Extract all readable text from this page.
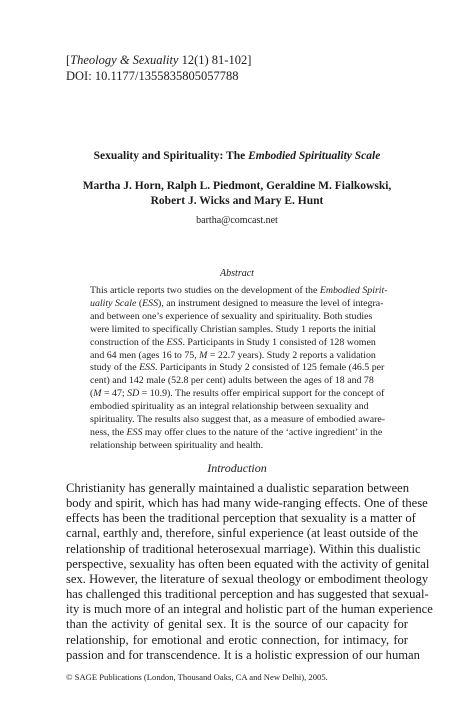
[Theology & Sexuality 12(1) 81-102]
DOI: 10.1177/1355835805057788
Sexuality and Spirituality: The Embodied Spirituality Scale
Martha J. Horn, Ralph L. Piedmont, Geraldine M. Fialkowski,
Robert J. Wicks and Mary E. Hunt
bartha@comcast.net
Abstract
This article reports two studies on the development of the Embodied Spirit-
uality Scale (ESS), an instrument designed to measure the level of integra-
and between one’s experience of sexuality and spirituality. Both studies
were limited to specifically Christian samples. Study 1 reports the initial
construction of the ESS. Participants in Study 1 consisted of 128 women
and 64 men (ages 16 to 75, M = 22.7 years). Study 2 reports a validation
study of the ESS. Participants in Study 2 consisted of 125 female (46.5 per
cent) and 142 male (52.8 per cent) adults between the ages of 18 and 78
(M = 47; SD = 10.9). The results offer empirical support for the concept of
embodied spirituality as an integral relationship between sexuality and
spirituality. The results also suggest that, as a measure of embodied aware-
ness, the ESS may offer clues to the nature of the ‘active ingredient’ in the
relationship between spirituality and health.
Introduction
Christianity has generally maintained a dualistic separation between
body and spirit, which has had many wide-ranging effects. One of these
effects has been the traditional perception that sexuality is a matter of
carnal, earthly and, therefore, sinful experience (at least outside of the
relationship of traditional heterosexual marriage). Within this dualistic
perspective, sexuality has often been equated with the activity of genital
sex. However, the literature of sexual theology or embodiment theology
has challenged this traditional perception and has suggested that sexual-
ity is much more of an integral and holistic part of the human experience
than the activity of genital sex. It is the source of our capacity for
relationship, for emotional and erotic connection, for intimacy, for
passion and for transcendence. It is a holistic expression of our human
© SAGE Publications (London, Thousand Oaks, CA and New Delhi), 2005.
